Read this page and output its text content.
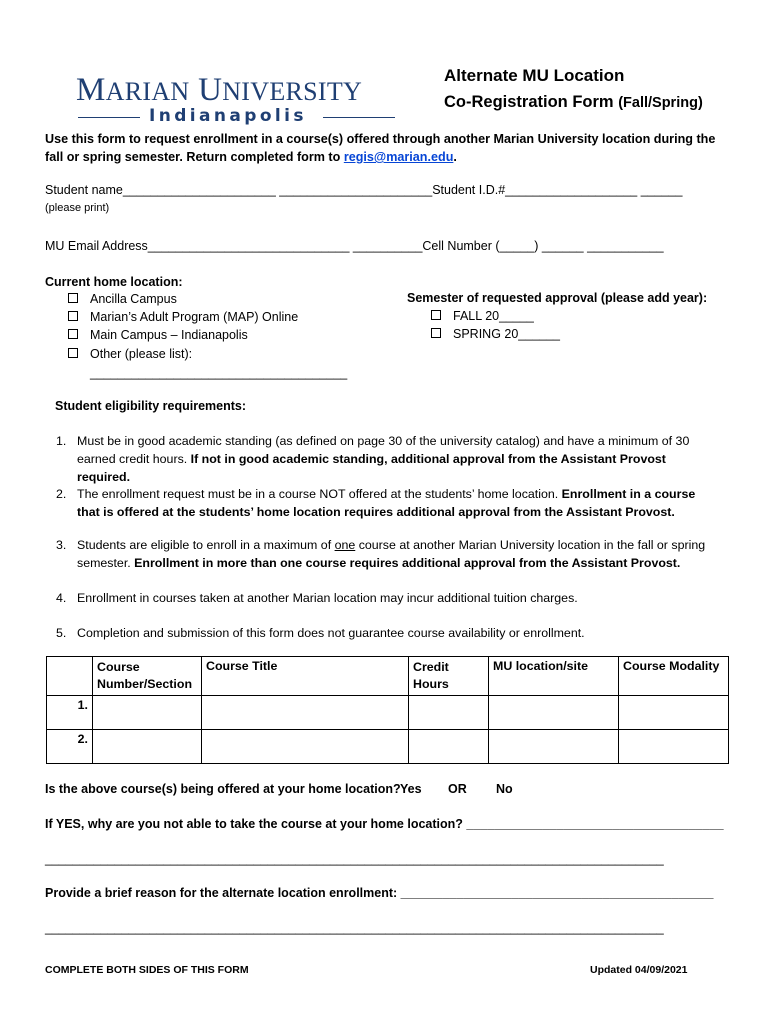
MARIAN UNIVERSITY
Indianapolis
Alternate MU Location
Co-Registration Form (Fall/Spring)
Use this form to request enrollment in a course(s) offered through another Marian University location during the fall or spring semester. Return completed form to regis@marian.edu.
Student name______________________ ______________________Student I.D.#___________________ ______
(please print)
MU Email Address_____________________________ __________Cell Number (_____) ______ ___________
Current home location:
Ancilla Campus
Marian’s Adult Program (MAP) Online
Main Campus – Indianapolis
Other (please list):
_____________________________________
Semester of requested approval (please add year):
FALL 20_____
SPRING 20______
Student eligibility requirements:
1. Must be in good academic standing (as defined on page 30 of the university catalog) and have a minimum of 30 earned credit hours. If not in good academic standing, additional approval from the Assistant Provost required.
2. The enrollment request must be in a course NOT offered at the students’ home location. Enrollment in a course that is offered at the students’ home location requires additional approval from the Assistant Provost.
3. Students are eligible to enroll in a maximum of one course at another Marian University location in the fall or spring semester. Enrollment in more than one course requires additional approval from the Assistant Provost.
4. Enrollment in courses taken at another Marian location may incur additional tuition charges.
5. Completion and submission of this form does not guarantee course availability or enrollment.
	Course Number/Section	Course Title	Credit Hours	MU location/site	Course Modality
1.					
2.					
Is the above course(s) being offered at your home location? Yes OR No
If YES, why are you not able to take the course at your home location? _____________________________________
_________________________________________________________________________________________
Provide a brief reason for the alternate location enrollment: _____________________________________________
_________________________________________________________________________________________
COMPLETE BOTH SIDES OF THIS FORM	Updated 04/09/2021
